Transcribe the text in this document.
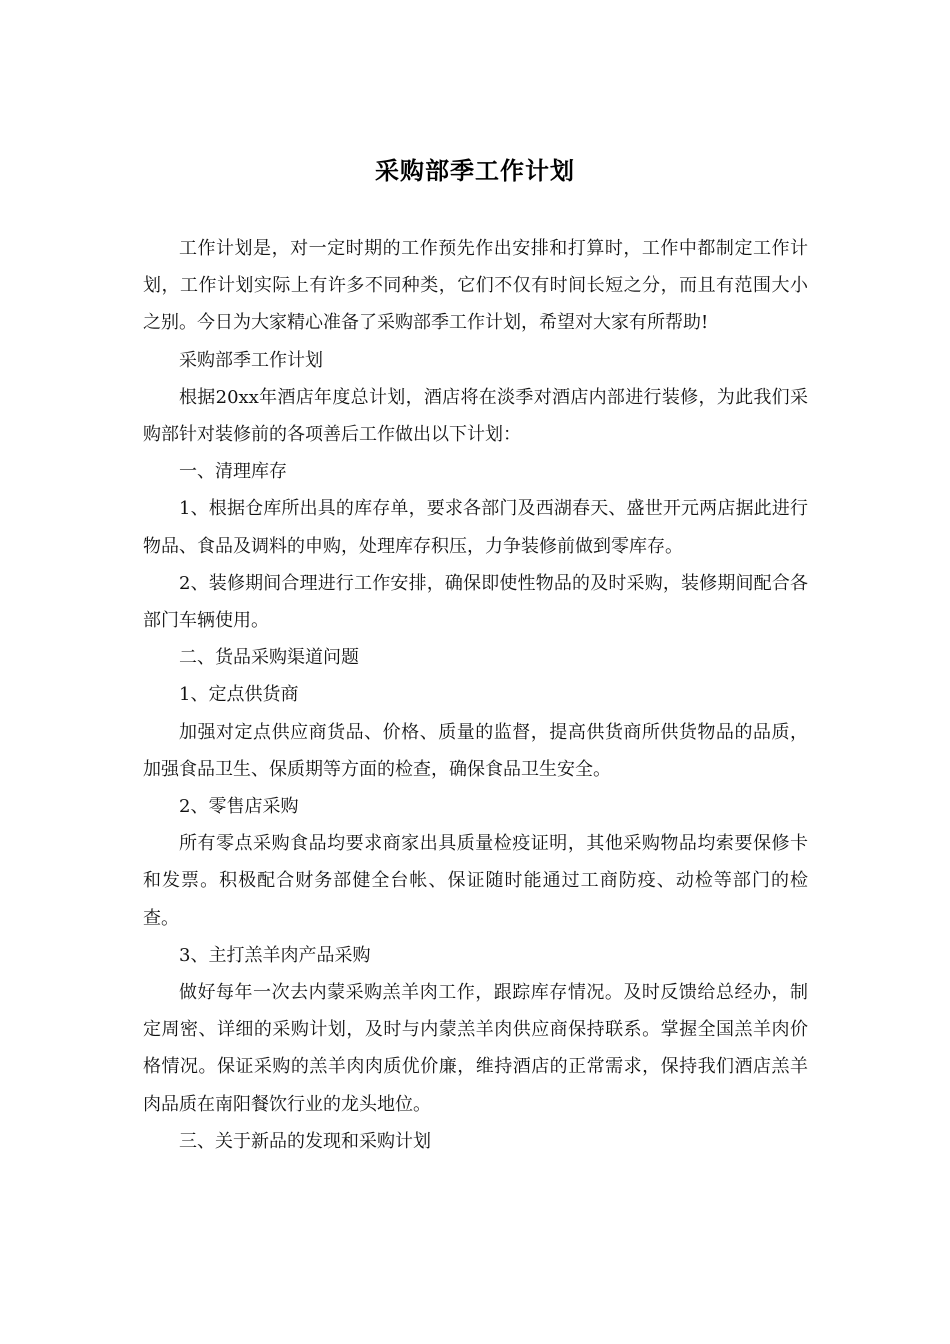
采购部季工作计划

工作计划是，对一定时期的工作预先作出安排和打算时，工作中都制定工作计划，工作计划实际上有许多不同种类，它们不仅有时间长短之分，而且有范围大小之别。今日为大家精心准备了采购部季工作计划，希望对大家有所帮助!

采购部季工作计划

根据20xx年酒店年度总计划，酒店将在淡季对酒店内部进行装修，为此我们采购部针对装修前的各项善后工作做出以下计划：

一、清理库存

1、根据仓库所出具的库存单，要求各部门及西湖春天、盛世开元两店据此进行物品、食品及调料的申购，处理库存积压，力争装修前做到零库存。

2、装修期间合理进行工作安排，确保即使性物品的及时采购，装修期间配合各部门车辆使用。

二、货品采购渠道问题

1、定点供货商

加强对定点供应商货品、价格、质量的监督，提高供货商所供货物品的品质，加强食品卫生、保质期等方面的检查，确保食品卫生安全。

2、零售店采购

所有零点采购食品均要求商家出具质量检疫证明，其他采购物品均索要保修卡和发票。积极配合财务部健全台帐、保证随时能通过工商防疫、动检等部门的检查。

3、主打羔羊肉产品采购

做好每年一次去内蒙采购羔羊肉工作，跟踪库存情况。及时反馈给总经办，制定周密、详细的采购计划，及时与内蒙羔羊肉供应商保持联系。掌握全国羔羊肉价格情况。保证采购的羔羊肉肉质优价廉，维持酒店的正常需求，保持我们酒店羔羊肉品质在南阳餐饮行业的龙头地位。

三、关于新品的发现和采购计划
